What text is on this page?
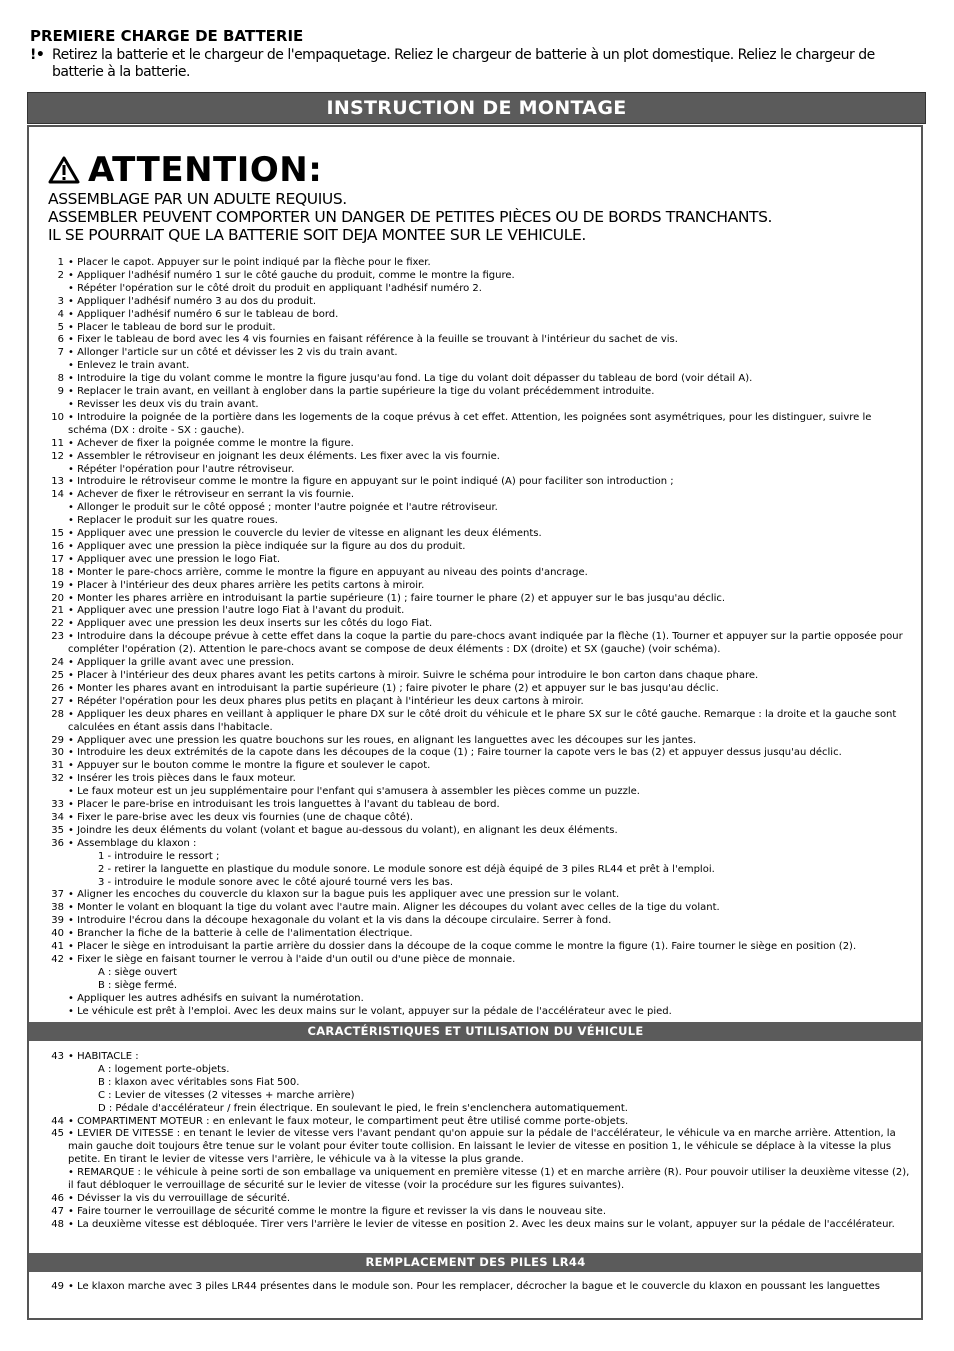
PREMIERE CHARGE DE BATTERIE
!• Retirez la batterie et le chargeur de l'empaquetage. Reliez le chargeur de batterie à un plot domestique. Reliez le chargeur de batterie à la batterie.
INSTRUCTION DE MONTAGE
ATTENTION:
ASSEMBLAGE PAR UN ADULTE REQUIUS.
ASSEMBLER PEUVENT COMPORTER UN DANGER DE PETITES PIÈCES OU DE BORDS TRANCHANTS.
IL SE POURRAIT QUE LA BATTERIE SOIT DEJA MONTEE SUR LE VEHICULE.
1 • Placer le capot. Appuyer sur le point indiqué par la flèche pour le fixer.
2 • Appliquer l'adhésif numéro 1 sur le côté gauche du produit, comme le montre la figure.
• Répéter l'opération sur le côté droit du produit en appliquant l'adhésif numéro 2.
3 • Appliquer l'adhésif numéro 3 au dos du produit.
4 • Appliquer l'adhésif numéro 6 sur le tableau de bord.
5 • Placer le tableau de bord sur le produit.
6 • Fixer le tableau de bord avec les 4 vis fournies en faisant référence à la feuille se trouvant à l'intérieur du sachet de vis.
7 • Allonger l'article sur un côté et dévisser les 2 vis du train avant.
• Enlevez le train avant.
8 • Introduire la tige du volant comme le montre la figure jusqu'au fond. La tige du volant doit dépasser du tableau de bord (voir détail A).
9 • Replacer le train avant, en veillant à englober dans la partie supérieure la tige du volant précédemment introduite.
• Revisser les deux vis du train avant.
10 • Introduire la poignée de la portière dans les logements de la coque prévus à cet effet. Attention, les poignées sont asymétriques, pour les distinguer, suivre le schéma (DX : droite - SX : gauche).
11 • Achever de fixer la poignée comme le montre la figure.
12 • Assembler le rétroviseur en joignant les deux éléments. Les fixer avec la vis fournie.
• Répéter l'opération pour l'autre rétroviseur.
13 • Introduire le rétroviseur comme le montre la figure en appuyant sur le point indiqué (A) pour faciliter son introduction ;
14 • Achever de fixer le rétroviseur en serrant la vis fournie.
• Allonger le produit sur le côté opposé ; monter l'autre poignée et l'autre rétroviseur.
• Replacer le produit sur les quatre roues.
15 • Appliquer avec une pression le couvercle du levier de vitesse en alignant les deux éléments.
16 • Appliquer avec une pression la pièce indiquée sur la figure au dos du produit.
17 • Appliquer avec une pression le logo Fiat.
18 • Monter le pare-chocs arrière, comme le montre la figure en appuyant au niveau des points d'ancrage.
19 • Placer à l'intérieur des deux phares arrière les petits cartons à miroir.
20 • Monter les phares arrière en introduisant la partie supérieure (1) ; faire tourner le phare (2) et appuyer sur le bas jusqu'au déclic.
21 • Appliquer avec une pression l'autre logo Fiat à l'avant du produit.
22 • Appliquer avec une pression les deux inserts sur les côtés du logo Fiat.
23 • Introduire dans la découpe prévue à cette effet dans la coque la partie du pare-chocs avant indiquée par la flèche (1). Tourner et appuyer sur la partie opposée pour compléter l'opération (2). Attention le pare-chocs avant se compose de deux éléments : DX (droite) et SX (gauche) (voir schéma).
24 • Appliquer la grille avant avec une pression.
25 • Placer à l'intérieur des deux phares avant les petits cartons à miroir. Suivre le schéma pour introduire le bon carton dans chaque phare.
26 • Monter les phares avant en introduisant la partie supérieure (1) ; faire pivoter le phare (2) et appuyer sur le bas jusqu'au déclic.
27 • Répéter l'opération pour les deux phares plus petits en plaçant à l'intérieur les deux cartons à miroir.
28 • Appliquer les deux phares en veillant à appliquer le phare DX sur le côté droit du véhicule et le phare SX sur le côté gauche. Remarque : la droite et la gauche sont calculées en étant assis dans l'habitacle.
29 • Appliquer avec une pression les quatre bouchons sur les roues, en alignant les languettes avec les découpes sur les jantes.
30 • Introduire les deux extrémités de la capote dans les découpes de la coque (1) ; Faire tourner la capote vers le bas (2) et appuyer dessus jusqu'au déclic.
31 • Appuyer sur le bouton comme le montre la figure et soulever le capot.
32 • Insérer les trois pièces dans le faux moteur.
• Le faux moteur est un jeu supplémentaire pour l'enfant qui s'amusera à assembler les pièces comme un puzzle.
33 • Placer le pare-brise en introduisant les trois languettes à l'avant du tableau de bord.
34 • Fixer le pare-brise avec les deux vis fournies (une de chaque côté).
35 • Joindre les deux éléments du volant (volant et bague au-dessous du volant), en alignant les deux éléments.
36 • Assemblage du klaxon :
1 - introduire le ressort ;
2 - retirer la languette en plastique du module sonore. Le module sonore est déjà équipé de 3 piles RL44 et prêt à l'emploi.
3 - introduire le module sonore avec le côté ajouré tourné vers les bas.
37 • Aligner les encoches du couvercle du klaxon sur la bague puis les appliquer avec une pression sur le volant.
38 • Monter le volant en bloquant la tige du volant avec l'autre main. Aligner les découpes du volant avec celles de la tige du volant.
39 • Introduire l'écrou dans la découpe hexagonale du volant et la vis dans la découpe circulaire. Serrer à fond.
40 • Brancher la fiche de la batterie à celle de l'alimentation électrique.
41 • Placer le siège en introduisant la partie arrière du dossier dans la découpe de la coque comme le montre la figure (1). Faire tourner le siège en position (2).
42 • Fixer le siège en faisant tourner le verrou à l'aide d'un outil ou d'une pièce de monnaie.
A : siège ouvert
B : siège fermé.
• Appliquer les autres adhésifs en suivant la numérotation.
• Le véhicule est prêt à l'emploi. Avec les deux mains sur le volant, appuyer sur la pédale de l'accélérateur avec le pied.
CARACTÉRISTIQUES ET UTILISATION DU VÉHICULE
43 • HABITACLE :
A : logement porte-objets.
B : klaxon avec véritables sons Fiat 500.
C : Levier de vitesses (2 vitesses + marche arrière)
D : Pédale d'accélérateur / frein électrique. En soulevant le pied, le frein s'enclenchera automatiquement.
44 • COMPARTIMENT MOTEUR : en enlevant le faux moteur, le compartiment peut être utilisé comme porte-objets.
45 • LEVIER DE VITESSE : en tenant le levier de vitesse vers l'avant pendant qu'on appuie sur la pédale de l'accélérateur, le véhicule va en marche arrière. Attention, la main gauche doit toujours être tenue sur le volant pour éviter toute collision. En laissant le levier de vitesse en position 1, le véhicule se déplace à la vitesse la plus petite. En tirant le levier de vitesse vers l'arrière, le véhicule va à la vitesse la plus grande.
• REMARQUE : le véhicule à peine sorti de son emballage va uniquement en première vitesse (1) et en marche arrière (R). Pour pouvoir utiliser la deuxième vitesse (2), il faut débloquer le verrouillage de sécurité sur le levier de vitesse (voir la procédure sur les figures suivantes).
46 • Dévisser la vis du verrouillage de sécurité.
47 • Faire tourner le verrouillage de sécurité comme le montre la figure et revisser la vis dans le nouveau site.
48 • La deuxième vitesse est débloquée. Tirer vers l'arrière le levier de vitesse en position 2. Avec les deux mains sur le volant, appuyer sur la pédale de l'accélérateur.
REMPLACEMENT DES PILES LR44
49 • Le klaxon marche avec 3 piles LR44 présentes dans le module son. Pour les remplacer, décrocher la bague et le couvercle du klaxon en poussant les languettes
